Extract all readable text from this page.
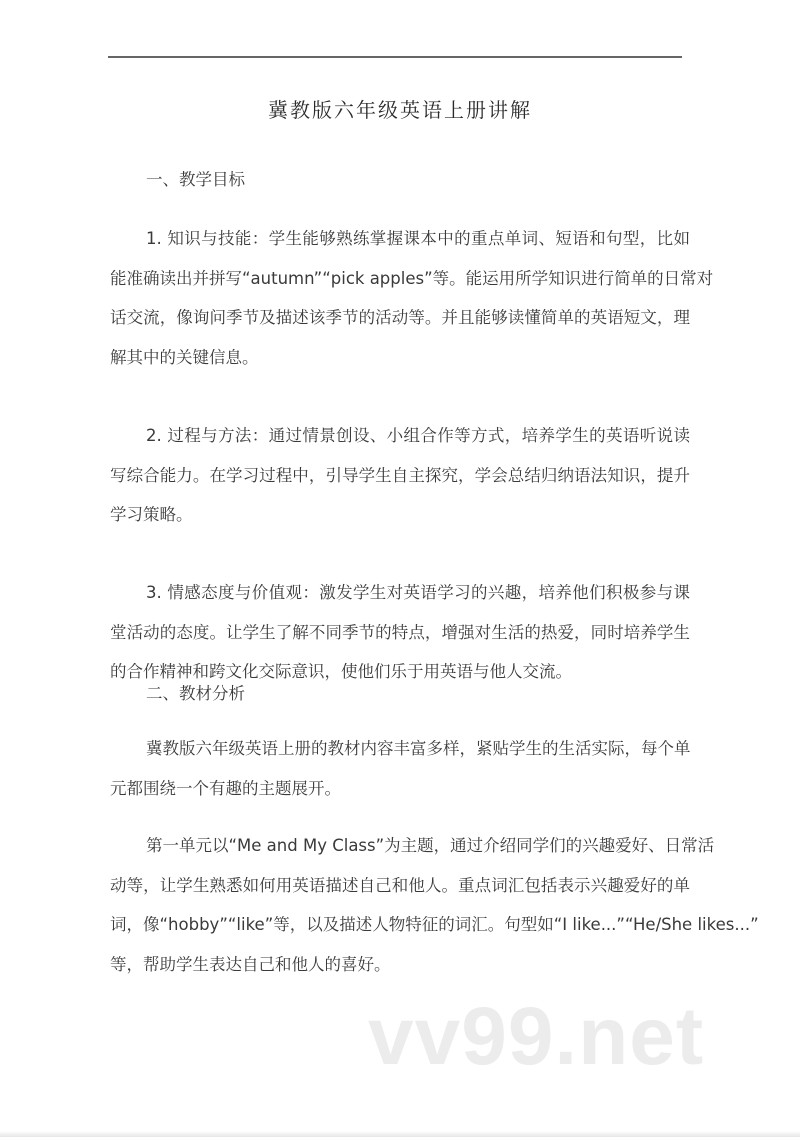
冀教版六年级英语上册讲解
一、教学目标
1. 知识与技能：学生能够熟练掌握课本中的重点单词、短语和句型，比如
能准确读出并拼写“autumn”“pick apples”等。能运用所学知识进行简单的日常对
话交流，像询问季节及描述该季节的活动等。并且能够读懂简单的英语短文，理
解其中的关键信息。
2. 过程与方法：通过情景创设、小组合作等方式，培养学生的英语听说读
写综合能力。在学习过程中，引导学生自主探究，学会总结归纳语法知识，提升
学习策略。
3. 情感态度与价值观：激发学生对英语学习的兴趣，培养他们积极参与课
堂活动的态度。让学生了解不同季节的特点，增强对生活的热爱，同时培养学生
的合作精神和跨文化交际意识，使他们乐于用英语与他人交流。
二、教材分析
冀教版六年级英语上册的教材内容丰富多样，紧贴学生的生活实际，每个单
元都围绕一个有趣的主题展开。
第一单元以“Me and My Class”为主题，通过介绍同学们的兴趣爱好、日常活
动等，让学生熟悉如何用英语描述自己和他人。重点词汇包括表示兴趣爱好的单
词，像“hobby”“like”等，以及描述人物特征的词汇。句型如“I like...”“He/She likes...”
等，帮助学生表达自己和他人的喜好。
vv99.net
